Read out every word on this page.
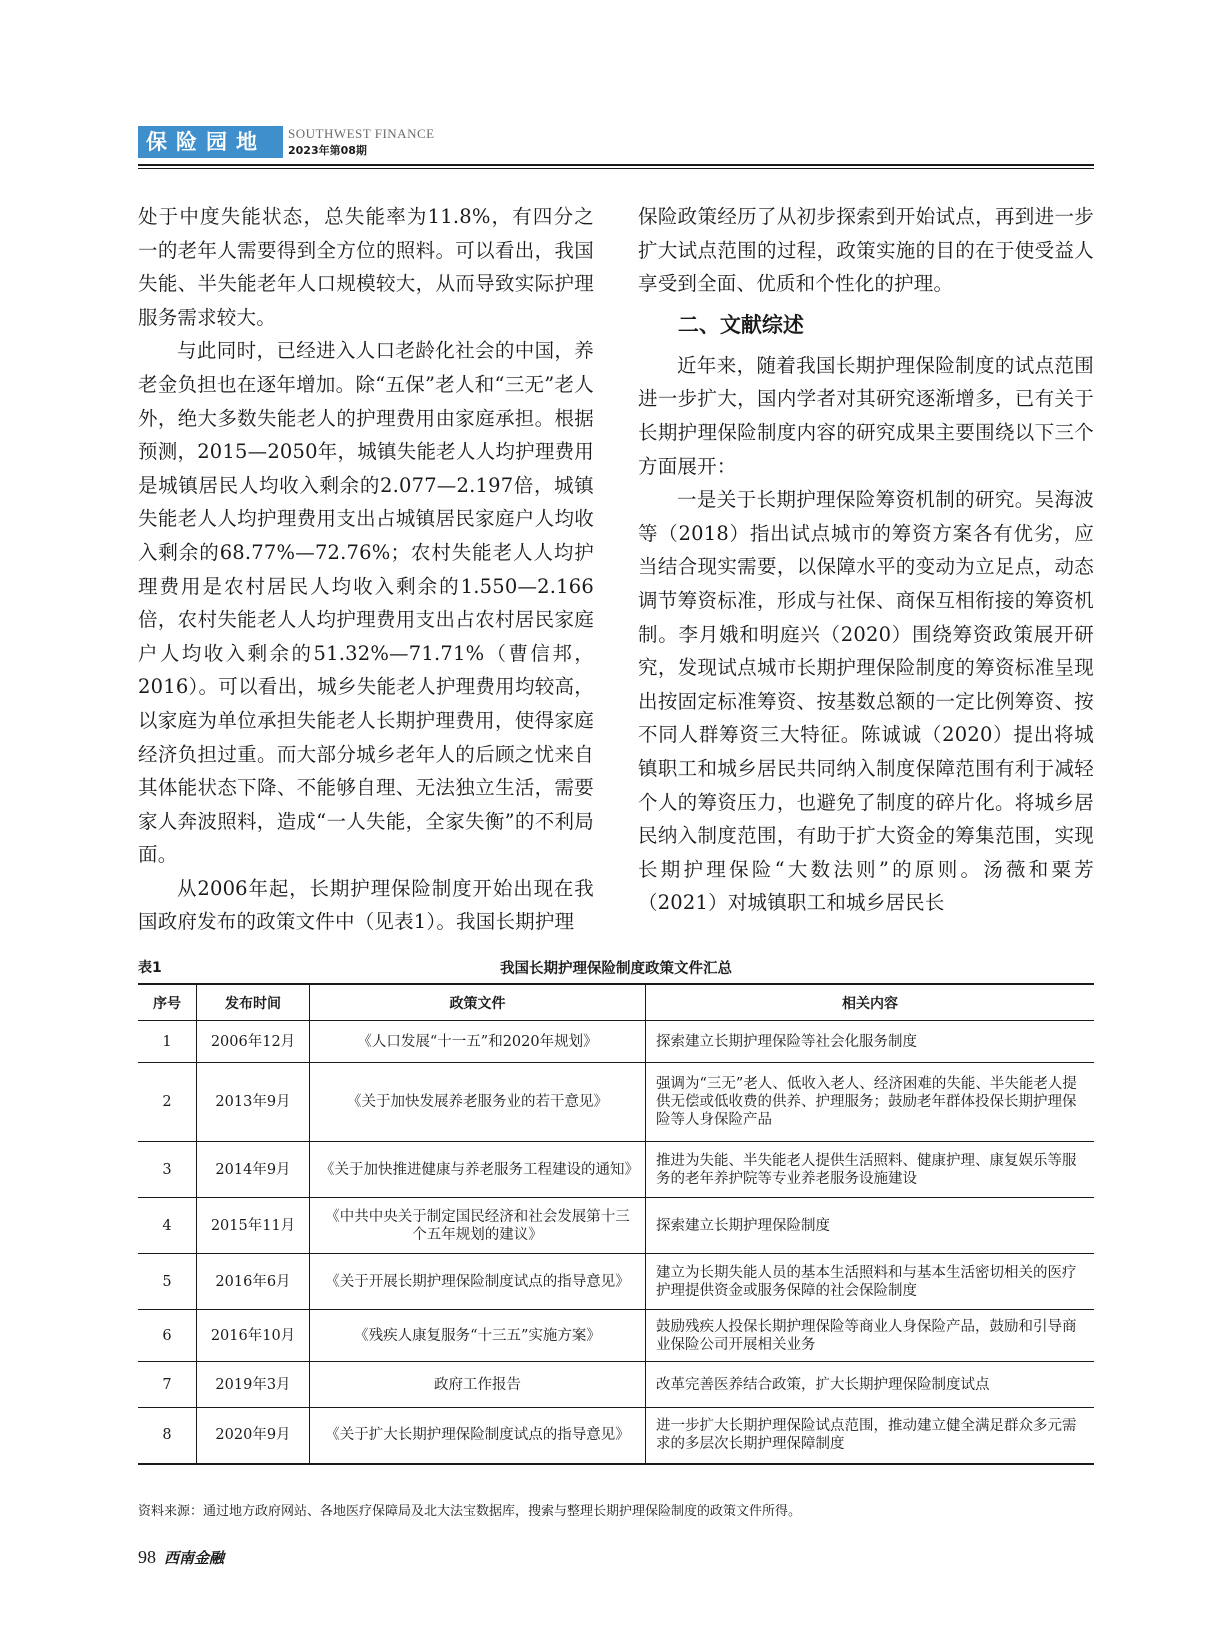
保险园地	SOUTHWEST FINANCE
2023年第08期

处于中度失能状态，总失能率为11.8%，有四分之一的老年人需要得到全方位的照料。可以看出，我国失能、半失能老年人口规模较大，从而导致实际护理服务需求较大。

与此同时，已经进入人口老龄化社会的中国，养老金负担也在逐年增加。除“五保”老人和“三无”老人外，绝大多数失能老人的护理费用由家庭承担。根据预测，2015—2050年，城镇失能老人人均护理费用是城镇居民人均收入剩余的2.077—2.197倍，城镇失能老人人均护理费用支出占城镇居民家庭户人均收入剩余的68.77%—72.76%；农村失能老人人均护理费用是农村居民人均收入剩余的1.550—2.166倍，农村失能老人人均护理费用支出占农村居民家庭户人均收入剩余的51.32%—71.71%（曹信邦，2016）。可以看出，城乡失能老人护理费用均较高，以家庭为单位承担失能老人长期护理费用，使得家庭经济负担过重。而大部分城乡老年人的后顾之忧来自其体能状态下降、不能够自理、无法独立生活，需要家人奔波照料，造成“一人失能，全家失衡”的不利局面。

从2006年起，长期护理保险制度开始出现在我国政府发布的政策文件中（见表1）。我国长期护理

保险政策经历了从初步探索到开始试点，再到进一步扩大试点范围的过程，政策实施的目的在于使受益人享受到全面、优质和个性化的护理。

二、文献综述

近年来，随着我国长期护理保险制度的试点范围进一步扩大，国内学者对其研究逐渐增多，已有关于长期护理保险制度内容的研究成果主要围绕以下三个方面展开：

一是关于长期护理保险筹资机制的研究。吴海波等（2018）指出试点城市的筹资方案各有优劣，应当结合现实需要，以保障水平的变动为立足点，动态调节筹资标准，形成与社保、商保互相衔接的筹资机制。李月娥和明庭兴（2020）围绕筹资政策展开研究，发现试点城市长期护理保险制度的筹资标准呈现出按固定标准筹资、按基数总额的一定比例筹资、按不同人群筹资三大特征。陈诚诚（2020）提出将城镇职工和城乡居民共同纳入制度保障范围有利于减轻个人的筹资压力，也避免了制度的碎片化。将城乡居民纳入制度范围，有助于扩大资金的筹集范围，实现长期护理保险“大数法则”的原则。汤薇和粟芳（2021）对城镇职工和城乡居民长

表1	我国长期护理保险制度政策文件汇总
序号	发布时间	政策文件	相关内容
1	2006年12月	《人口发展“十一五”和2020年规划》	探索建立长期护理保险等社会化服务制度
2	2013年9月	《关于加快发展养老服务业的若干意见》	强调为“三无”老人、低收入老人、经济困难的失能、半失能老人提供无偿或低收费的供养、护理服务；鼓励老年群体投保长期护理保险等人身保险产品
3	2014年9月	《关于加快推进健康与养老服务工程建设的通知》	推进为失能、半失能老人提供生活照料、健康护理、康复娱乐等服务的老年养护院等专业养老服务设施建设
4	2015年11月	《中共中央关于制定国民经济和社会发展第十三个五年规划的建议》	探索建立长期护理保险制度
5	2016年6月	《关于开展长期护理保险制度试点的指导意见》	建立为长期失能人员的基本生活照料和与基本生活密切相关的医疗护理提供资金或服务保障的社会保险制度
6	2016年10月	《残疾人康复服务“十三五”实施方案》	鼓励残疾人投保长期护理保险等商业人身保险产品，鼓励和引导商业保险公司开展相关业务
7	2019年3月	政府工作报告	改革完善医养结合政策，扩大长期护理保险制度试点
8	2020年9月	《关于扩大长期护理保险制度试点的指导意见》	进一步扩大长期护理保险试点范围，推动建立健全满足群众多元需求的多层次长期护理保障制度
资料来源：通过地方政府网站、各地医疗保障局及北大法宝数据库，搜索与整理长期护理保险制度的政策文件所得。
98 西南金融
